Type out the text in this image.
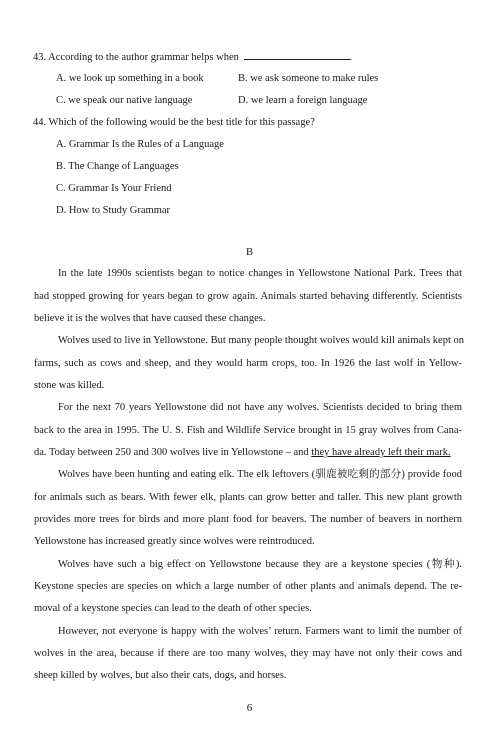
43. According to the author grammar helps when	.
A. we look up something in a book	B. we ask someone to make rules
C. we speak our native language	D. we learn a foreign language
44. Which of the following would be the best title for this passage?
A. Grammar Is the Rules of a Language
B. The Change of Languages
C. Grammar Is Your Friend
D. How to Study Grammar
B
In the late 1990s scientists began to notice changes in Yellowstone National Park. Trees that
had stopped growing for years began to grow again. Animals started behaving differently. Scientists
believe it is the wolves that have caused these changes.
Wolves used to live in Yellowstone. But many people thought wolves would kill animals kept on
farms, such as cows and sheep, and they would harm crops, too. In 1926 the last wolf in Yellow-
stone was killed.
For the next 70 years Yellowstone did not have any wolves. Scientists decided to bring them
back to the area in 1995. The U. S. Fish and Wildlife Service brought in 15 gray wolves from Cana-
da. Today between 250 and 300 wolves live in Yellowstone – and they have already left their mark.
Wolves have been hunting and eating elk. The elk leftovers (驯鹿被吃剩的部分) provide food
for animals such as bears. With fewer elk, plants can grow better and taller. This new plant growth
provides more trees for birds and more plant food for beavers. The number of beavers in northern
Yellowstone has increased greatly since wolves were reintroduced.
Wolves have such a big effect on Yellowstone because they are a keystone species (物种).
Keystone species are species on which a large number of other plants and animals depend. The re-
moval of a keystone species can lead to the death of other species.
However, not everyone is happy with the wolves’ return. Farmers want to limit the number of
wolves in the area, because if there are too many wolves, they may have not only their cows and
sheep killed by wolves, but also their cats, dogs, and horses.
6
